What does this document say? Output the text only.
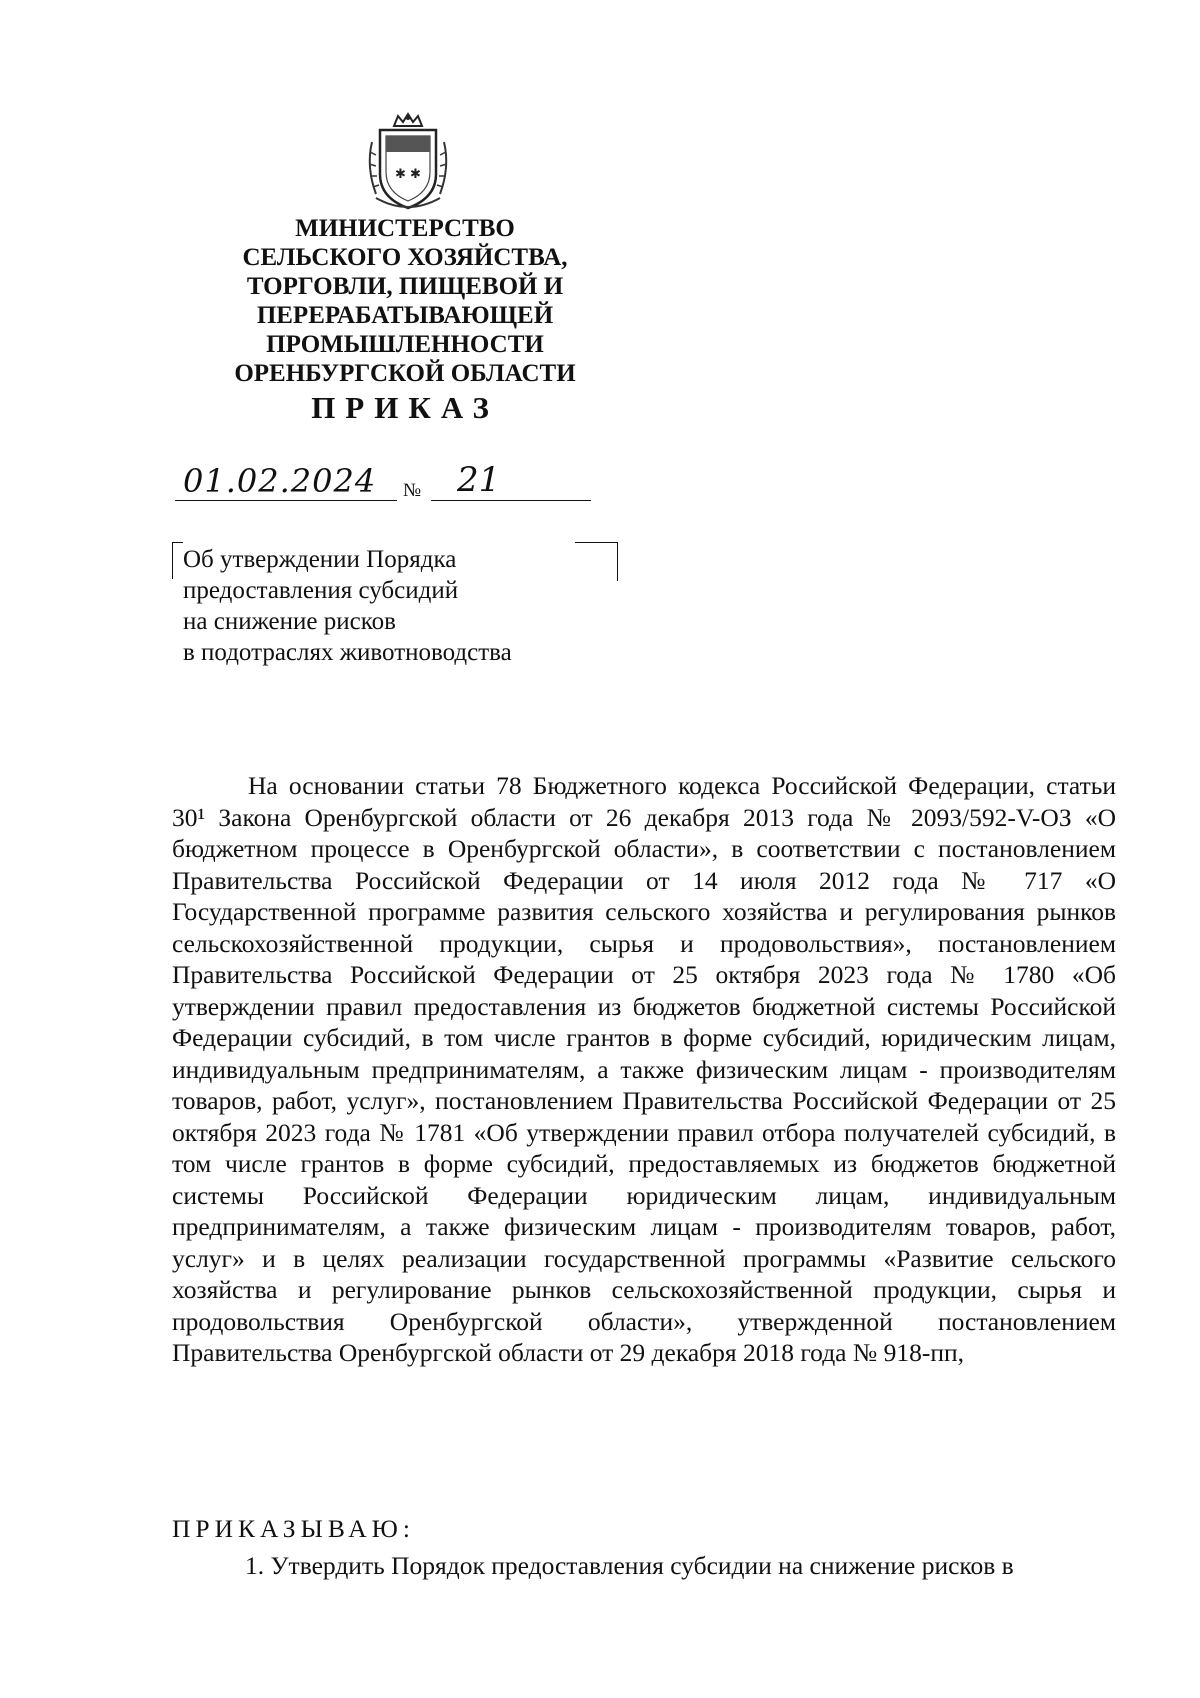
✱ ✱
МИНИСТЕРСТВО
СЕЛЬСКОГО ХОЗЯЙСТВА,
ТОРГОВЛИ, ПИЩЕВОЙ И
ПЕРЕРАБАТЫВАЮЩЕЙ
ПРОМЫШЛЕННОСТИ
ОРЕНБУРГСКОЙ ОБЛАСТИ
ПРИКАЗ
01.02.2024 № 21
Об утверждении Порядка
предоставления субсидий
на снижение рисков
в подотраслях животноводства

На основании статьи 78 Бюджетного кодекса Российской Федерации, статьи 30¹ Закона Оренбургской области от 26 декабря 2013 года № 2093/592-V-ОЗ «О бюджетном процессе в Оренбургской области», в соответствии с постановлением Правительства Российской Федерации от 14 июля 2012 года № 717 «О Государственной программе развития сельского хозяйства и регулирования рынков сельскохозяйственной продукции, сырья и продовольствия», постановлением Правительства Российской Федерации от 25 октября 2023 года № 1780 «Об утверждении правил предоставления из бюджетов бюджетной системы Российской Федерации субсидий, в том числе грантов в форме субсидий, юридическим лицам, индивидуальным предпринимателям, а также физическим лицам - производителям товаров, работ, услуг», постановлением Правительства Российской Федерации от 25 октября 2023 года № 1781 «Об утверждении правил отбора получателей субсидий, в том числе грантов в форме субсидий, предоставляемых из бюджетов бюджетной системы Российской Федерации юридическим лицам, индивидуальным предпринимателям, а также физическим лицам - производителям товаров, работ, услуг» и в целях реализации государственной программы «Развитие сельского хозяйства и регулирование рынков сельскохозяйственной продукции, сырья и продовольствия Оренбургской области», утвержденной постановлением Правительства Оренбургской области от 29 декабря 2018 года № 918-пп,

ПРИКАЗЫВАЮ:
1. Утвердить Порядок предоставления субсидии на снижение рисков в
